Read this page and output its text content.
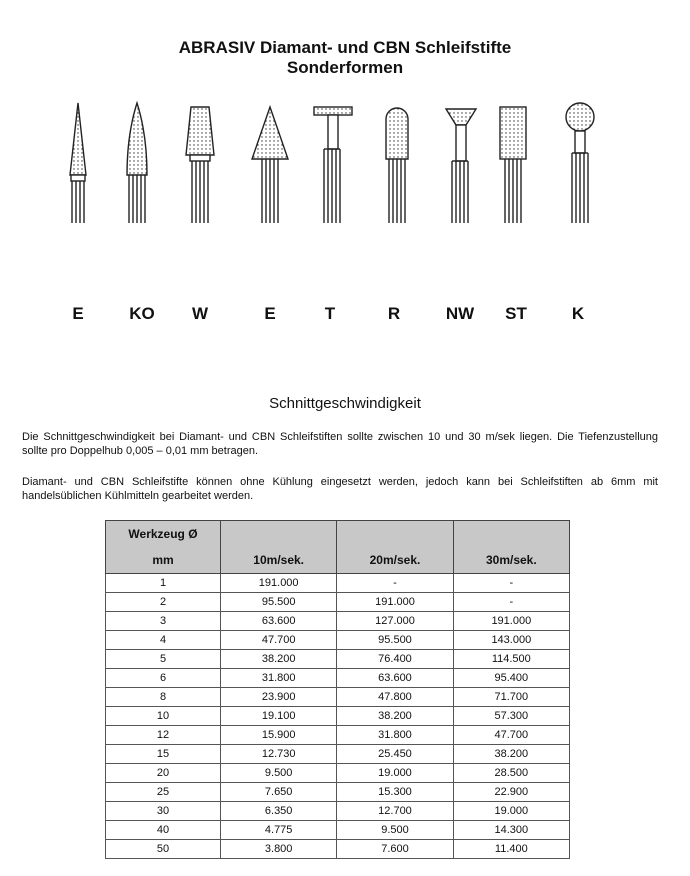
ABRASIV Diamant- und CBN Schleifstifte
Sonderformen
E	KO	W	E	T	R	NW	ST	K
Schnittgeschwindigkeit
Die Schnittgeschwindigkeit bei Diamant- und CBN Schleifstiften sollte zwischen 10 und 30 m/sek liegen. Die Tiefenzustellung sollte pro Doppelhub 0,005 – 0,01 mm betragen.
Diamant- und CBN Schleifstifte können ohne Kühlung eingesetzt werden, jedoch kann bei Schleifstiften ab 6mm mit handelsüblichen Kühlmitteln gearbeitet werden.
Werkzeug Ø
mm	10m/sek.	20m/sek.	30m/sek.
1	191.000	-	-
2	95.500	191.000	-
3	63.600	127.000	191.000
4	47.700	95.500	143.000
5	38.200	76.400	114.500
6	31.800	63.600	95.400
8	23.900	47.800	71.700
10	19.100	38.200	57.300
12	15.900	31.800	47.700
15	12.730	25.450	38.200
20	9.500	19.000	28.500
25	7.650	15.300	22.900
30	6.350	12.700	19.000
40	4.775	9.500	14.300
50	3.800	7.600	11.400
